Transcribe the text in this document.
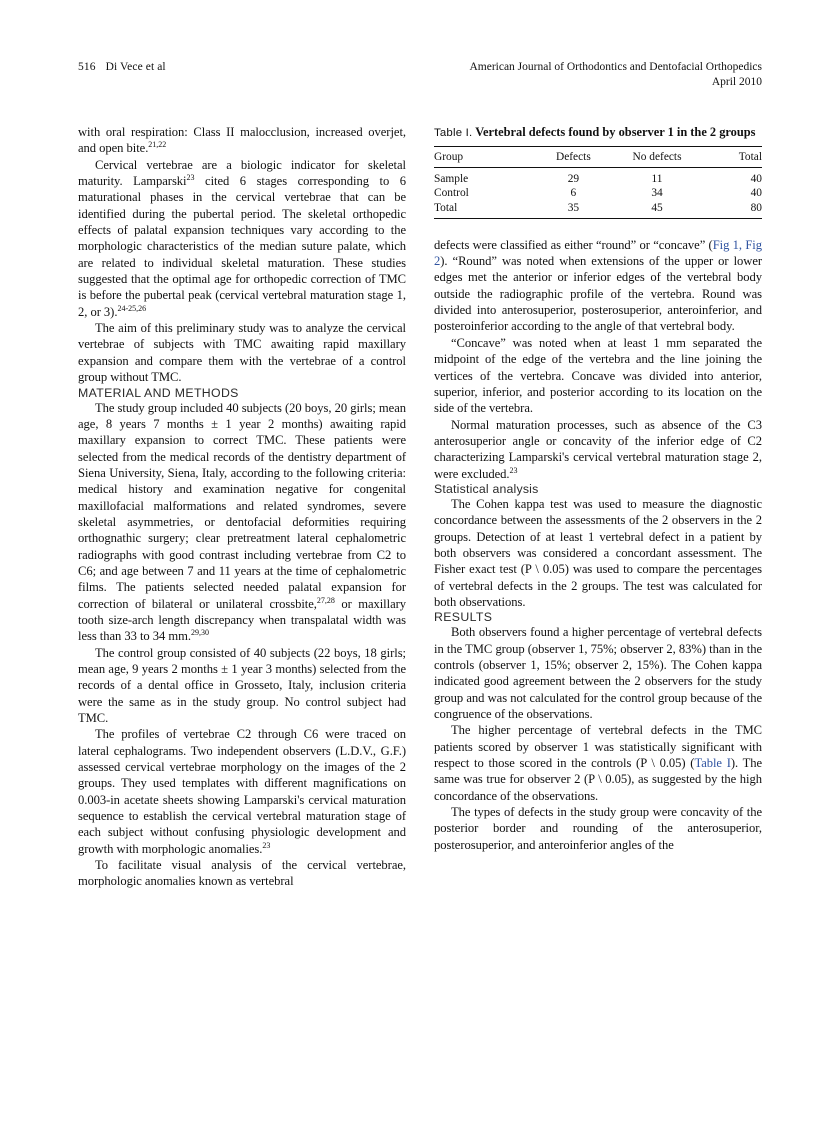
516 Di Vece et al	American Journal of Orthodontics and Dentofacial Orthopedics
April 2010

with oral respiration: Class II malocclusion, increased overjet, and open bite.$^{21,22}$

Cervical vertebrae are a biologic indicator for skeletal maturity. Lamparski$^{23}$ cited 6 stages corresponding to 6 maturational phases in the cervical vertebrae that can be identified during the pubertal period. The skeletal orthopedic effects of palatal expansion techniques vary according to the morphologic characteristics of the median suture palate, which are related to individual skeletal maturation. These studies suggested that the optimal age for orthopedic correction of TMC is before the pubertal peak (cervical vertebral maturation stage 1, 2, or 3).$^{24-25,26}$

The aim of this preliminary study was to analyze the cervical vertebrae of subjects with TMC awaiting rapid maxillary expansion and compare them with the vertebrae of a control group without TMC.

MATERIAL AND METHODS

The study group included 40 subjects (20 boys, 20 girls; mean age, 8 years 7 months ± 1 year 2 months) awaiting rapid maxillary expansion to correct TMC. These patients were selected from the medical records of the dentistry department of Siena University, Siena, Italy, according to the following criteria: medical history and examination negative for congenital maxillofacial malformations and related syndromes, severe skeletal asymmetries, or dentofacial deformities requiring orthognathic surgery; clear pretreatment lateral cephalometric radiographs with good contrast including vertebrae from C2 to C6; and age between 7 and 11 years at the time of cephalometric films. The patients selected needed palatal expansion for correction of bilateral or unilateral crossbite,$^{27,28}$ or maxillary tooth size-arch length discrepancy when transpalatal width was less than 33 to 34 mm.$^{29,30}$

The control group consisted of 40 subjects (22 boys, 18 girls; mean age, 9 years 2 months ± 1 year 3 months) selected from the records of a dental office in Grosseto, Italy, inclusion criteria were the same as in the study group. No control subject had TMC.

The profiles of vertebrae C2 through C6 were traced on lateral cephalograms. Two independent observers (L.D.V., G.F.) assessed cervical vertebrae morphology on the images of the 2 groups. They used templates with different magnifications on 0.003-in acetate sheets showing Lamparski's cervical maturation sequence to establish the cervical vertebral maturation stage of each subject without confusing physiologic development and growth with morphologic anomalies.$^{23}$

To facilitate visual analysis of the cervical vertebrae, morphologic anomalies known as vertebral

Table I. Vertebral defects found by observer 1 in the 2 groups
Group	Defects	No defects	Total
Sample	29	11	40
Control	6	34	40
Total	35	45	80

defects were classified as either “round” or “concave” (Fig 1, Fig 2). “Round” was noted when extensions of the upper or lower edges met the anterior or inferior edges of the vertebral body outside the radiographic profile of the vertebra. Round was divided into anterosuperior, posterosuperior, anteroinferior, and posteroinferior according to the angle of that vertebral body.

“Concave” was noted when at least 1 mm separated the midpoint of the edge of the vertebra and the line joining the vertices of the vertebra. Concave was divided into anterior, superior, inferior, and posterior according to its location on the side of the vertebra.

Normal maturation processes, such as absence of the C3 anterosuperior angle or concavity of the inferior edge of C2 characterizing Lamparski's cervical vertebral maturation stage 2, were excluded.$^{23}$

Statistical analysis

The Cohen kappa test was used to measure the diagnostic concordance between the assessments of the 2 observers in the 2 groups. Detection of at least 1 vertebral defect in a patient by both observers was considered a concordant assessment. The Fisher exact test (P \ 0.05) was used to compare the percentages of vertebral defects in the 2 groups. The test was calculated for both observations.

RESULTS

Both observers found a higher percentage of vertebral defects in the TMC group (observer 1, 75%; observer 2, 83%) than in the controls (observer 1, 15%; observer 2, 15%). The Cohen kappa indicated good agreement between the 2 observers for the study group and was not calculated for the control group because of the congruence of the observations.

The higher percentage of vertebral defects in the TMC patients scored by observer 1 was statistically significant with respect to those scored in the controls (P \ 0.05) (Table I). The same was true for observer 2 (P \ 0.05), as suggested by the high concordance of the observations.

The types of defects in the study group were concavity of the posterior border and rounding of the anterosuperior, posterosuperior, and anteroinferior angles of the
